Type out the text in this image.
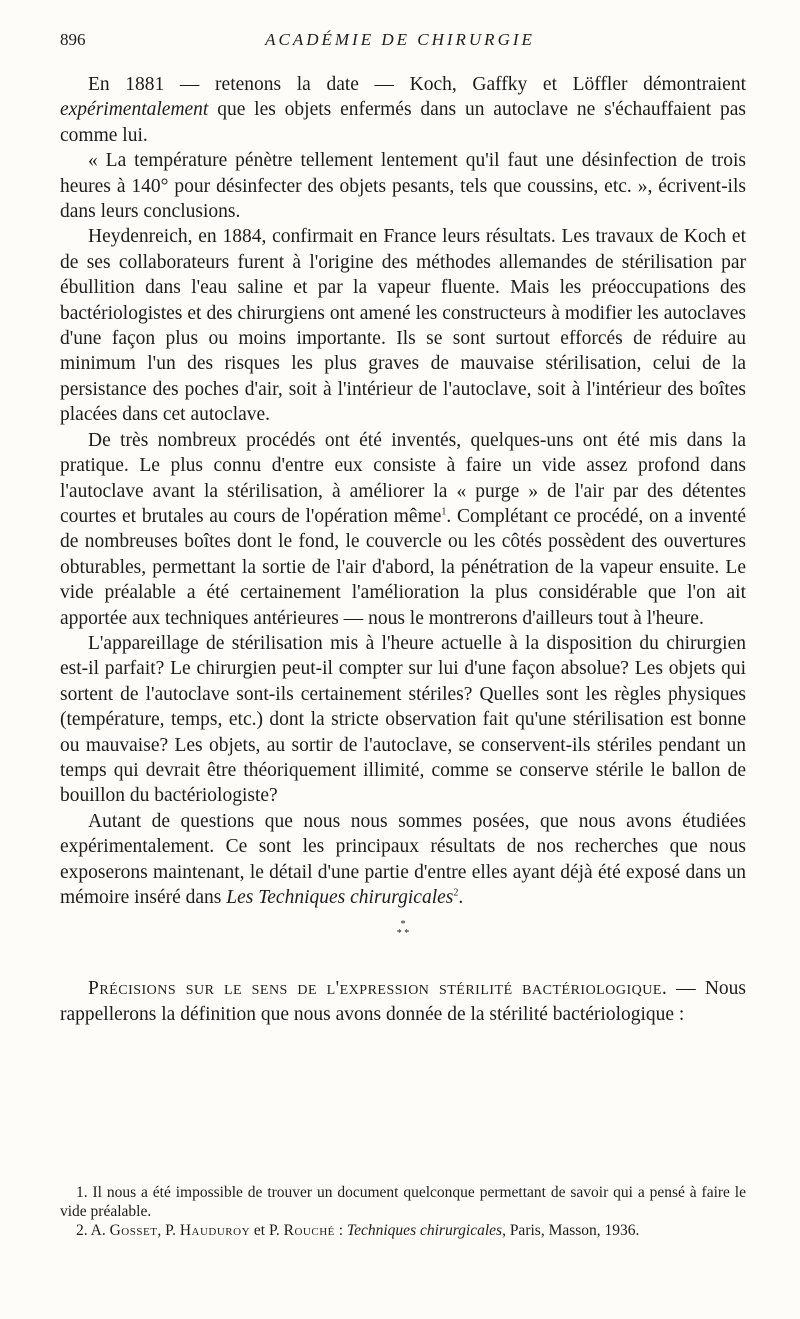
896	ACADÉMIE DE CHIRURGIE

En 1881 — retenons la date — Koch, Gaffky et Löffler démontraient expérimentalement que les objets enfermés dans un autoclave ne s'échauffaient pas comme lui.

« La température pénètre tellement lentement qu'il faut une désinfection de trois heures à 140° pour désinfecter des objets pesants, tels que coussins, etc. », écrivent-ils dans leurs conclusions.

Heydenreich, en 1884, confirmait en France leurs résultats. Les travaux de Koch et de ses collaborateurs furent à l'origine des méthodes allemandes de stérilisation par ébullition dans l'eau saline et par la vapeur fluente. Mais les préoccupations des bactériologistes et des chirurgiens ont amené les constructeurs à modifier les autoclaves d'une façon plus ou moins importante. Ils se sont surtout efforcés de réduire au minimum l'un des risques les plus graves de mauvaise stérilisation, celui de la persistance des poches d'air, soit à l'intérieur de l'autoclave, soit à l'intérieur des boîtes placées dans cet autoclave.

De très nombreux procédés ont été inventés, quelques-uns ont été mis dans la pratique. Le plus connu d'entre eux consiste à faire un vide assez profond dans l'autoclave avant la stérilisation, à améliorer la « purge » de l'air par des détentes courtes et brutales au cours de l'opération même$^1$. Complétant ce procédé, on a inventé de nombreuses boîtes dont le fond, le couvercle ou les côtés possèdent des ouvertures obturables, permettant la sortie de l'air d'abord, la pénétration de la vapeur ensuite. Le vide préalable a été certainement l'amélioration la plus considérable que l'on ait apportée aux techniques antérieures — nous le montrerons d'ailleurs tout à l'heure.

L'appareillage de stérilisation mis à l'heure actuelle à la disposition du chirurgien est-il parfait? Le chirurgien peut-il compter sur lui d'une façon absolue? Les objets qui sortent de l'autoclave sont-ils certainement stériles? Quelles sont les règles physiques (température, temps, etc.) dont la stricte observation fait qu'une stérilisation est bonne ou mauvaise? Les objets, au sortir de l'autoclave, se conservent-ils stériles pendant un temps qui devrait être théoriquement illimité, comme se conserve stérile le ballon de bouillon du bactériologiste?

Autant de questions que nous nous sommes posées, que nous avons étudiées expérimentalement. Ce sont les principaux résultats de nos recherches que nous exposerons maintenant, le détail d'une partie d'entre elles ayant déjà été exposé dans un mémoire inséré dans Les Techniques chirurgicales$^2$.

*
* *

Précisions sur le sens de l'expression stérilité bactériologique. — Nous rappellerons la définition que nous avons donnée de la stérilité bactériologique :

1. Il nous a été impossible de trouver un document quelconque permettant de savoir qui a pensé à faire le vide préalable.

2. A. Gosset, P. Hauduroy et P. Rouché : Techniques chirurgicales, Paris, Masson, 1936.
